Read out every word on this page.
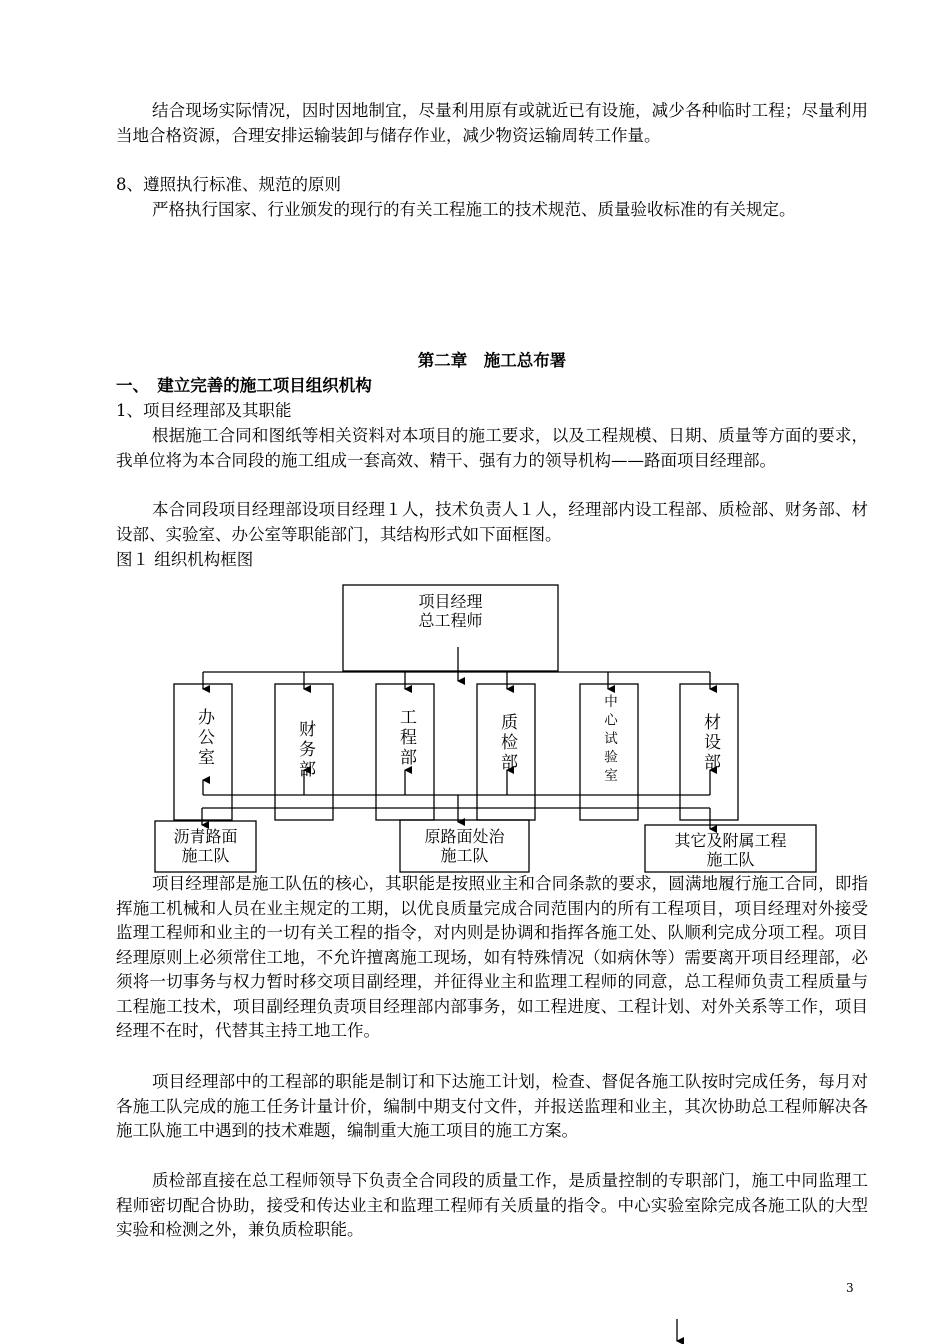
结合现场实际情况，因时因地制宜，尽量利用原有或就近已有设施，减少各种临时工程；尽量利用当地合格资源，合理安排运输装卸与储存作业，减少物资运输周转工作量。

8、遵照执行标准、规范的原则

严格执行国家、行业颁发的现行的有关工程施工的技术规范、质量验收标准的有关规定。

第二章　施工总布署

一、　建立完善的施工项目组织机构

1、项目经理部及其职能

根据施工合同和图纸等相关资料对本项目的施工要求，以及工程规模、日期、质量等方面的要求，我单位将为本合同段的施工组成一套高效、精干、强有力的领导机构——路面项目经理部。

本合同段项目经理部设项目经理１人，技术负责人１人，经理部内设工程部、质检部、财务部、材设部、实验室、办公室等职能部门，其结构形式如下面框图。

图１ 组织机构框图

项目经理
总工程师
办公室	财务部	工程部	质检部	中心试验室	材设部
沥青路面
施工队
原路面处治
施工队
其它及附属工程
施工队

项目经理部是施工队伍的核心，其职能是按照业主和合同条款的要求，圆满地履行施工合同，即指挥施工机械和人员在业主规定的工期，以优良质量完成合同范围内的所有工程项目，项目经理对外接受监理工程师和业主的一切有关工程的指令，对内则是协调和指挥各施工处、队顺利完成分项工程。项目经理原则上必须常住工地，不允许擅离施工现场，如有特殊情况（如病休等）需要离开项目经理部，必须将一切事务与权力暂时移交项目副经理，并征得业主和监理工程师的同意，总工程师负责工程质量与工程施工技术，项目副经理负责项目经理部内部事务，如工程进度、工程计划、对外关系等工作，项目经理不在时，代替其主持工地工作。

项目经理部中的工程部的职能是制订和下达施工计划，检查、督促各施工队按时完成任务，每月对各施工队完成的施工任务计量计价，编制中期支付文件，并报送监理和业主，其次协助总工程师解决各施工队施工中遇到的技术难题，编制重大施工项目的施工方案。

质检部直接在总工程师领导下负责全合同段的质量工作，是质量控制的专职部门，施工中同监理工程师密切配合协助，接受和传达业主和监理工程师有关质量的指令。中心实验室除完成各施工队的大型实验和检测之外，兼负质检职能。

3
